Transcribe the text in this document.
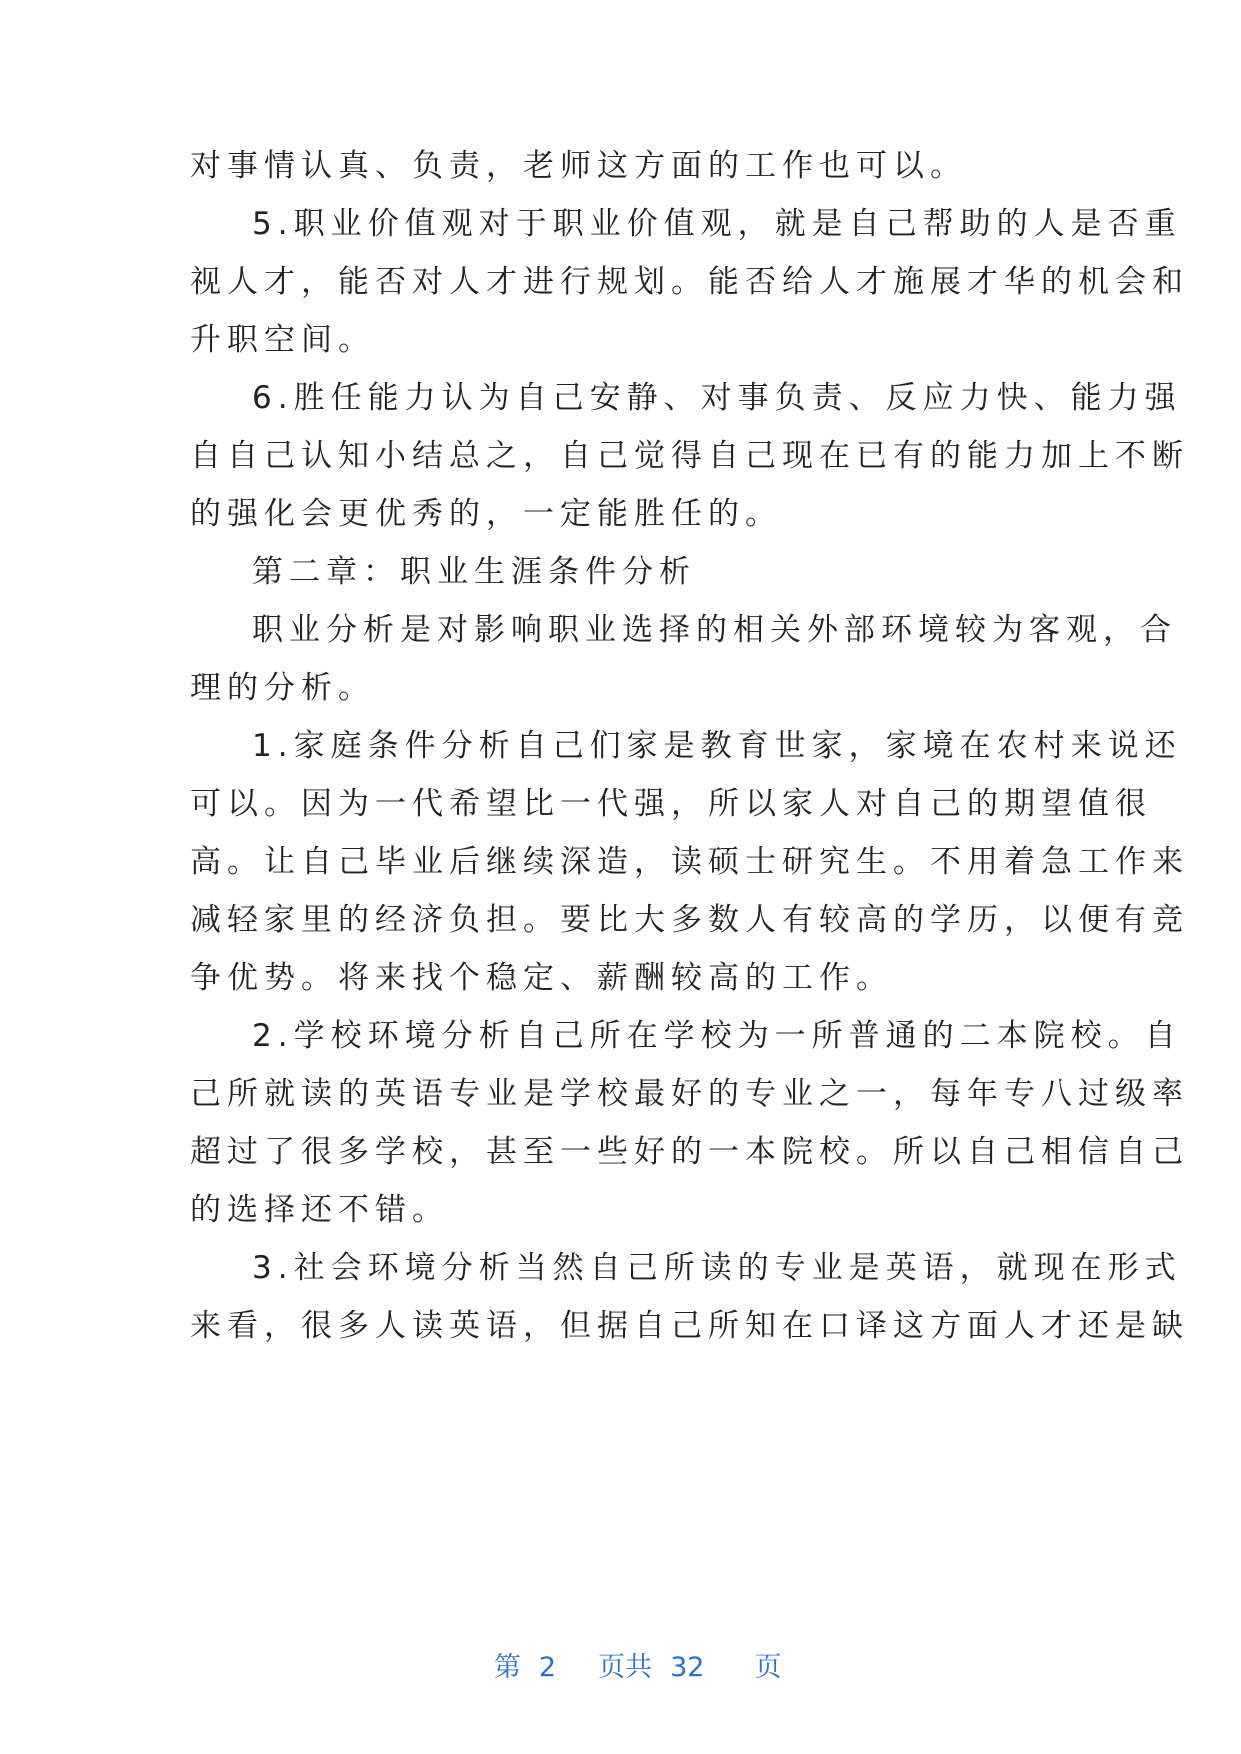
对事情认真、负责，老师这方面的工作也可以。
5.职业价值观对于职业价值观，就是自己帮助的人是否重
视人才，能否对人才进行规划。能否给人才施展才华的机会和
升职空间。
6.胜任能力认为自己安静、对事负责、反应力快、能力强
自自己认知小结总之，自己觉得自己现在已有的能力加上不断
的强化会更优秀的，一定能胜任的。
第二章：职业生涯条件分析
职业分析是对影响职业选择的相关外部环境较为客观，合
理的分析。
1.家庭条件分析自己们家是教育世家，家境在农村来说还
可以。因为一代希望比一代强，所以家人对自己的期望值很
高。让自己毕业后继续深造，读硕士研究生。不用着急工作来
减轻家里的经济负担。要比大多数人有较高的学历，以便有竞
争优势。将来找个稳定、薪酬较高的工作。
2.学校环境分析自己所在学校为一所普通的二本院校。自
己所就读的英语专业是学校最好的专业之一，每年专八过级率
超过了很多学校，甚至一些好的一本院校。所以自己相信自己
的选择还不错。
3.社会环境分析当然自己所读的专业是英语，就现在形式
来看，很多人读英语，但据自己所知在口译这方面人才还是缺

第 2 页共 32 页
